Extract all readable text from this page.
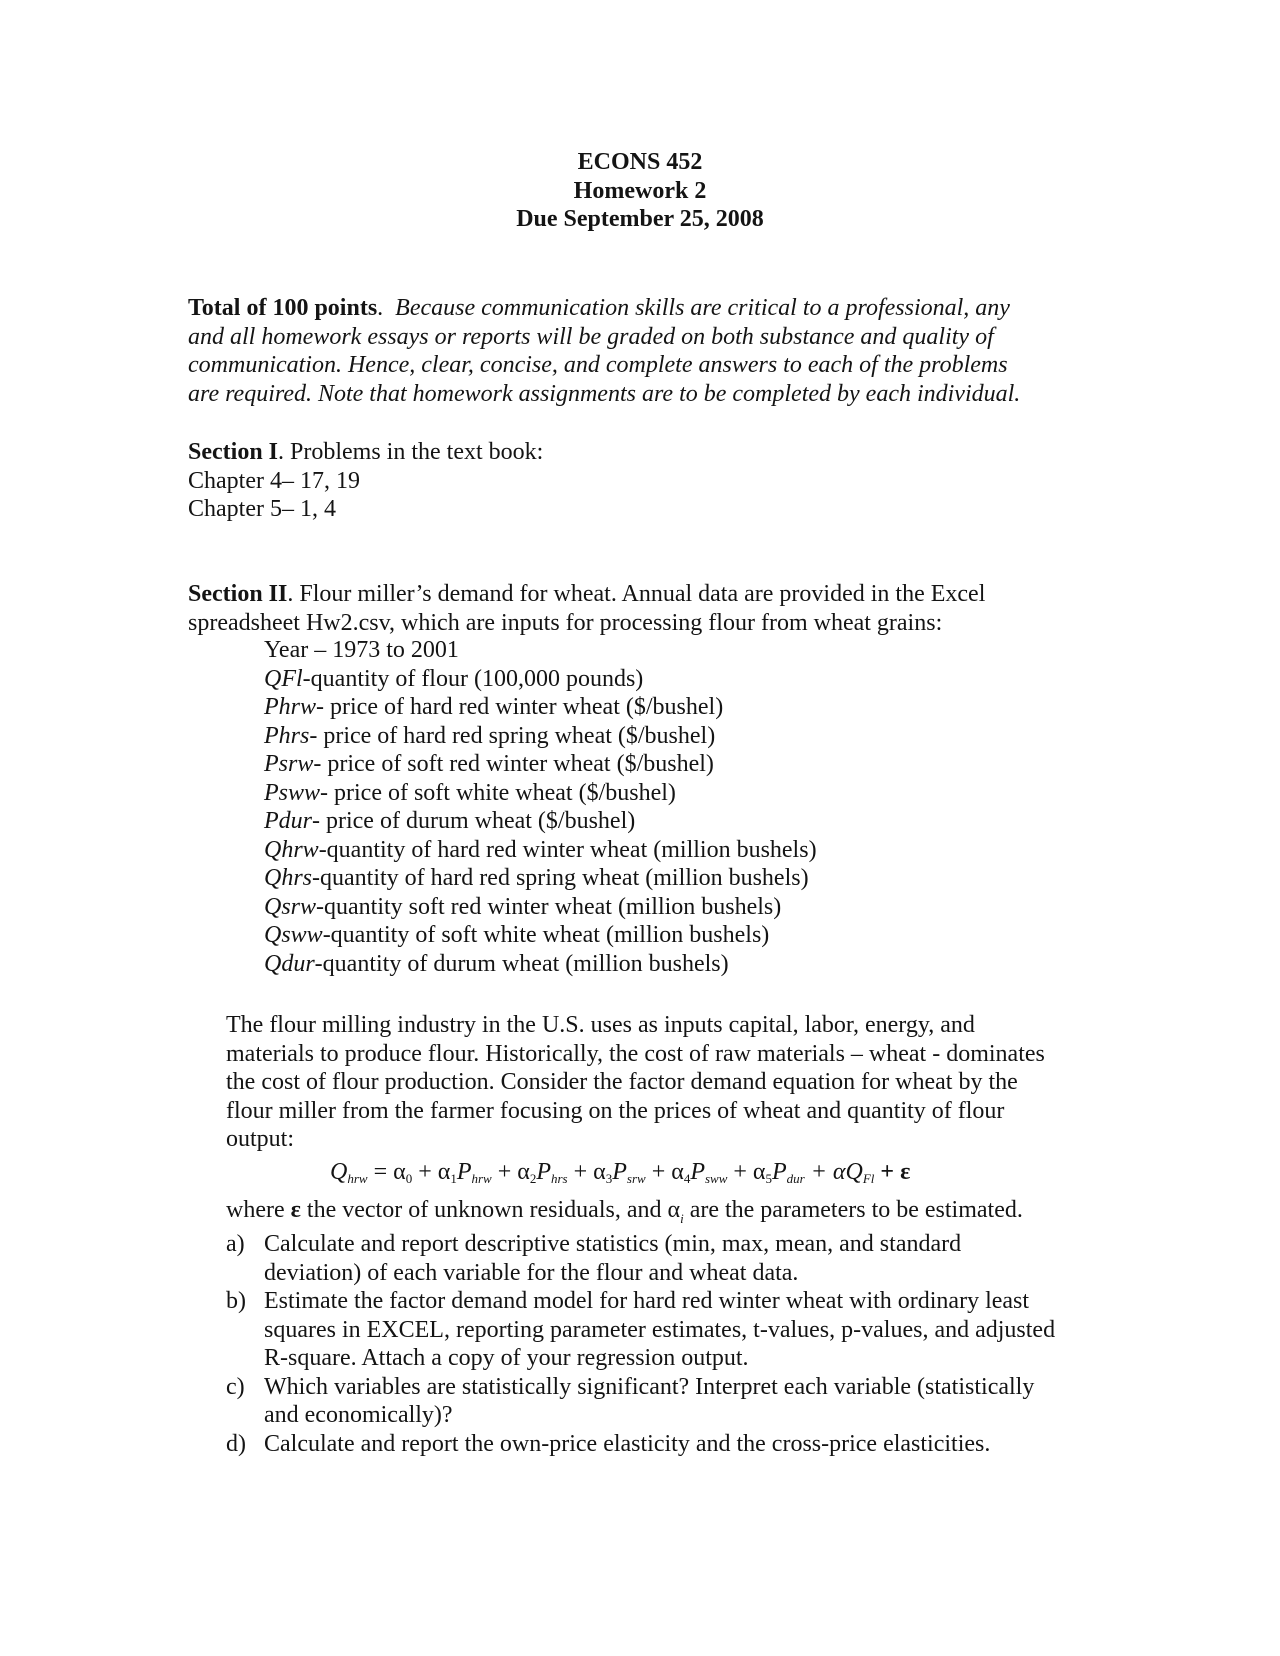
ECONS 452
Homework 2
Due September 25, 2008
Total of 100 points. Because communication skills are critical to a professional, any
and all homework essays or reports will be graded on both substance and quality of
communication. Hence, clear, concise, and complete answers to each of the problems
are required. Note that homework assignments are to be completed by each individual.
Section I. Problems in the text book:
Chapter 4– 17, 19
Chapter 5– 1, 4
Section II. Flour miller’s demand for wheat. Annual data are provided in the Excel
spreadsheet Hw2.csv, which are inputs for processing flour from wheat grains:
Year – 1973 to 2001
QFl-quantity of flour (100,000 pounds)
Phrw- price of hard red winter wheat ($/bushel)
Phrs- price of hard red spring wheat ($/bushel)
Psrw- price of soft red winter wheat ($/bushel)
Psww- price of soft white wheat ($/bushel)
Pdur- price of durum wheat ($/bushel)
Qhrw-quantity of hard red winter wheat (million bushels)
Qhrs-quantity of hard red spring wheat (million bushels)
Qsrw-quantity soft red winter wheat (million bushels)
Qsww-quantity of soft white wheat (million bushels)
Qdur-quantity of durum wheat (million bushels)
The flour milling industry in the U.S. uses as inputs capital, labor, energy, and
materials to produce flour. Historically, the cost of raw materials – wheat - dominates
the cost of flour production. Consider the factor demand equation for wheat by the
flour miller from the farmer focusing on the prices of wheat and quantity of flour
output:
$Q_{hrw} = \alpha_0 + \alpha_1P_{hrw} + \alpha_2P_{hrs} + \alpha_3P_{srw} + \alpha_4P_{sww} + \alpha_5P_{dur} + \alpha Q_{Fl} + \varepsilon$
where ε the vector of unknown residuals, and $\alpha_i$ are the parameters to be estimated.
a) Calculate and report descriptive statistics (min, max, mean, and standard
deviation) of each variable for the flour and wheat data.
b) Estimate the factor demand model for hard red winter wheat with ordinary least
squares in EXCEL, reporting parameter estimates, t-values, p-values, and adjusted
R-square. Attach a copy of your regression output.
c) Which variables are statistically significant? Interpret each variable (statistically
and economically)?
d) Calculate and report the own-price elasticity and the cross-price elasticities.
